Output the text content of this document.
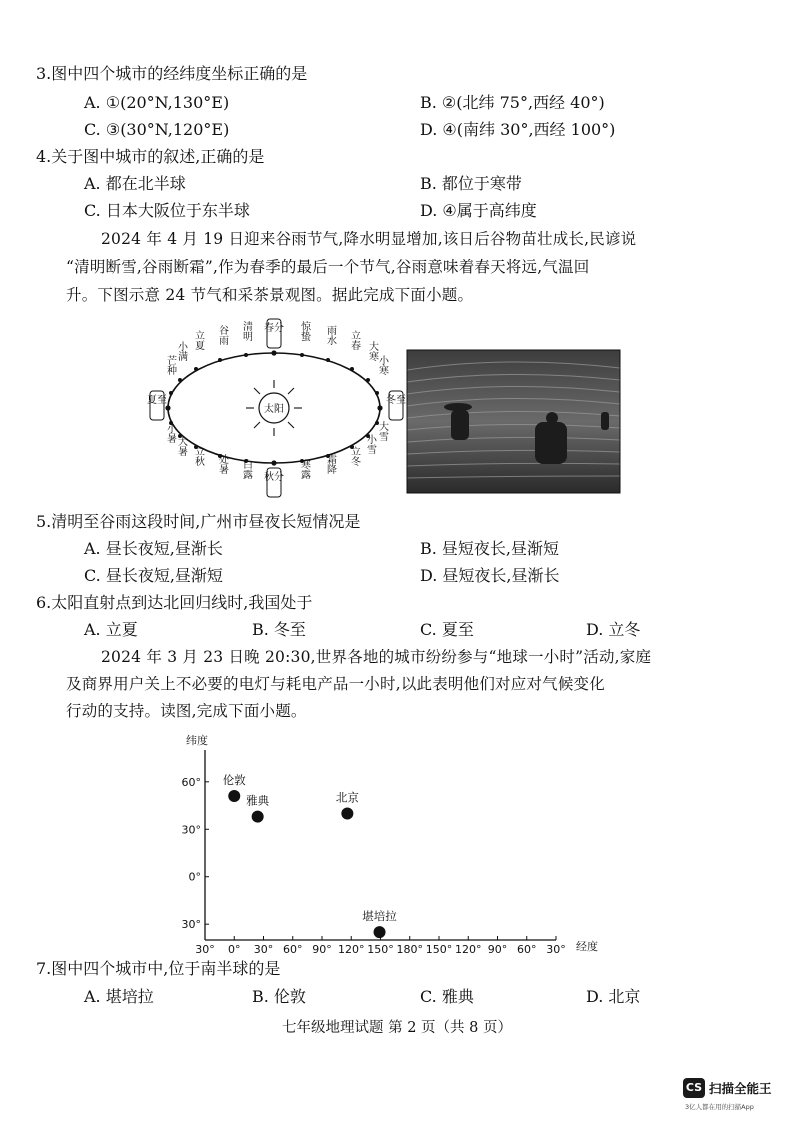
3.图中四个城市的经纬度坐标正确的是
A. ①(20°N,130°E)	B. ②(北纬 75°,西经 40°)
C. ③(30°N,120°E)	D. ④(南纬 30°,西经 100°)
4.关于图中城市的叙述,正确的是
A. 都在北半球	B. 都位于寒带
C. 日本大阪位于东半球	D. ④属于高纬度
2024 年 4 月 19 日迎来谷雨节气,降水明显增加,该日后谷物苗壮成长,民谚说
“清明断雪,谷雨断霜”,作为春季的最后一个节气,谷雨意味着春天将远,气温回
升。下图示意 24 节气和采茶景观图。据此完成下面小题。
太阳
春分
秋分
夏至	冬至
清明
谷雨
立夏
小满
芒种
小暑
大暑 立秋 处暑 白露	寒露 霜降 立冬
小雪
大雪
小寒
大寒
立春
雨水
惊蛰
5.清明至谷雨这段时间,广州市昼夜长短情况是
A. 昼长夜短,昼渐长	B. 昼短夜长,昼渐短
C. 昼长夜短,昼渐短	D. 昼短夜长,昼渐长
6.太阳直射点到达北回归线时,我国处于
A. 立夏	B. 冬至	C. 夏至	D. 立冬
2024 年 3 月 23 日晚 20:30,世界各地的城市纷纷参与“地球一小时”活动,家庭
及商界用户关上不必要的电灯与耗电产品一小时,以此表明他们对应对气候变化
行动的支持。读图,完成下面小题。
纬度
经度
30° 0° 30° 60° 90° 120° 150° 180° 150° 120° 90° 60° 30°
60°
30°
0°
30°
伦敦
雅典	北京
堪培拉
7.图中四个城市中,位于南半球的是
A. 堪培拉	B. 伦敦	C. 雅典	D. 北京
七年级地理试题 第 2 页（共 8 页）
CS 扫描全能王
3亿人都在用的扫描App
